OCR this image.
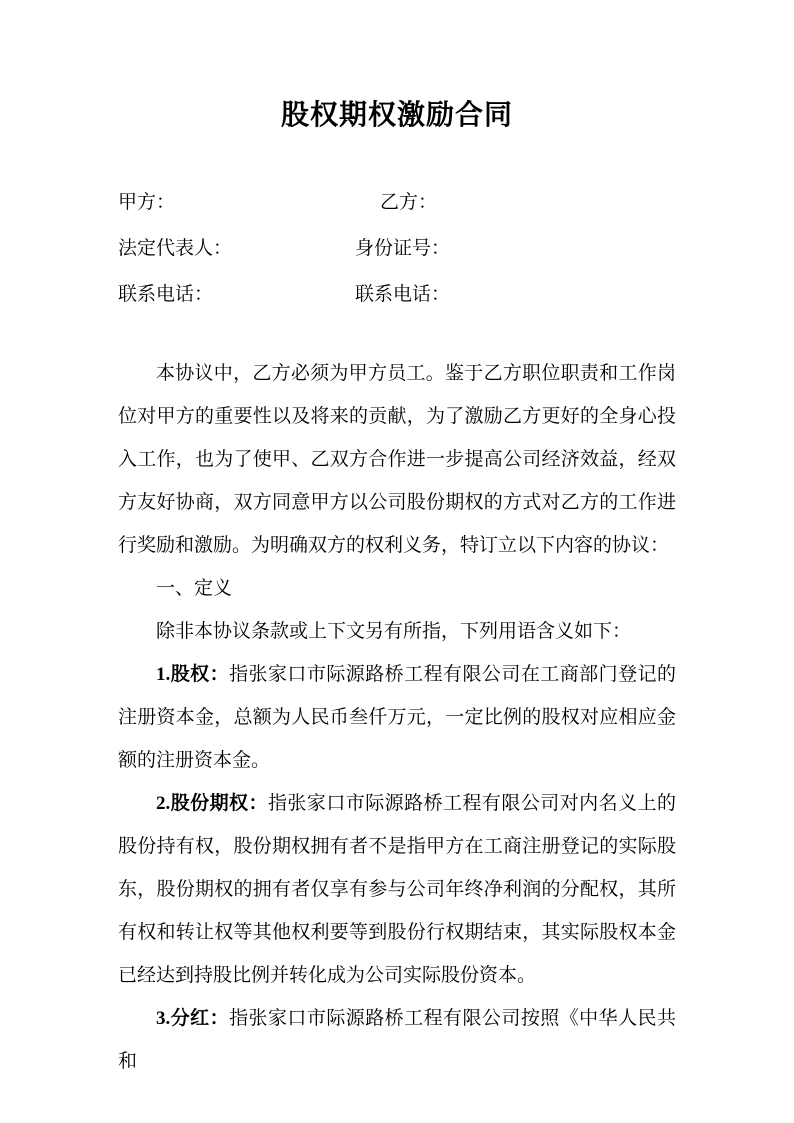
股权期权激励合同
甲方：	乙方：
法定代表人：	身份证号：
联系电话：	联系电话：

本协议中，乙方必须为甲方员工。鉴于乙方职位职责和工作岗位对甲方的重要性以及将来的贡献，为了激励乙方更好的全身心投入工作，也为了使甲、乙双方合作进一步提高公司经济效益，经双方友好协商，双方同意甲方以公司股份期权的方式对乙方的工作进行奖励和激励。为明确双方的权利义务，特订立以下内容的协议：

一、定义

除非本协议条款或上下文另有所指，下列用语含义如下：

1.股权：指张家口市际源路桥工程有限公司在工商部门登记的注册资本金，总额为人民币叁仟万元，一定比例的股权对应相应金额的注册资本金。

2.股份期权：指张家口市际源路桥工程有限公司对内名义上的股份持有权，股份期权拥有者不是指甲方在工商注册登记的实际股东，股份期权的拥有者仅享有参与公司年终净利润的分配权，其所有权和转让权等其他权利要等到股份行权期结束，其实际股权本金已经达到持股比例并转化成为公司实际股份资本。

3.分红：指张家口市际源路桥工程有限公司按照《中华人民共和
